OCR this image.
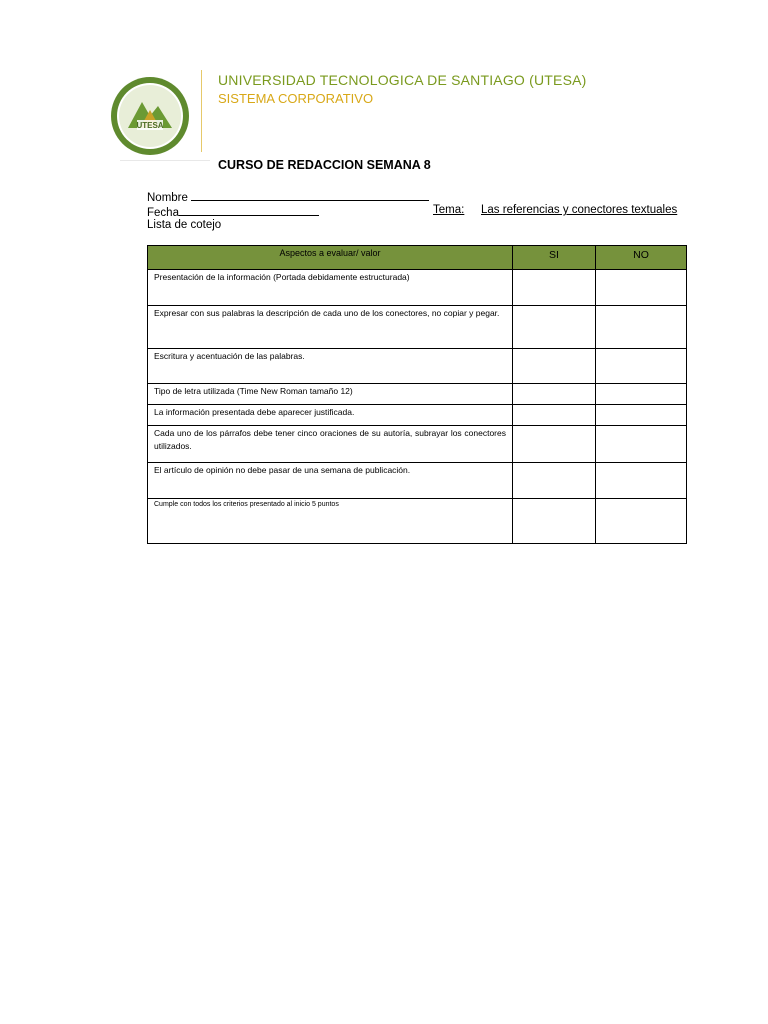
UTESA
UNIVERSIDAD TECNOLOGICA DE SANTIAGO (UTESA)
SISTEMA CORPORATIVO
CURSO DE REDACCION SEMANA 8
Nombre
Fecha	Tema: Las referencias y conectores textuales
Lista de cotejo
Aspectos a evaluar/ valor	SI	NO

Presentación de la información (Portada debidamente estructurada)		

Expresar con sus palabras la descripción de cada uno de los conectores, no copiar y pegar.		

Escritura y acentuación de las palabras.		

Tipo de letra utilizada (Time New Roman tamaño 12)		

La información presentada debe aparecer justificada.		

Cada uno de los párrafos debe tener cinco oraciones de su autoría, subrayar los conectores utilizados.		

El artículo de opinión no debe pasar de una semana de publicación.		

Cumple con todos los criterios presentado al inicio 5 puntos		
